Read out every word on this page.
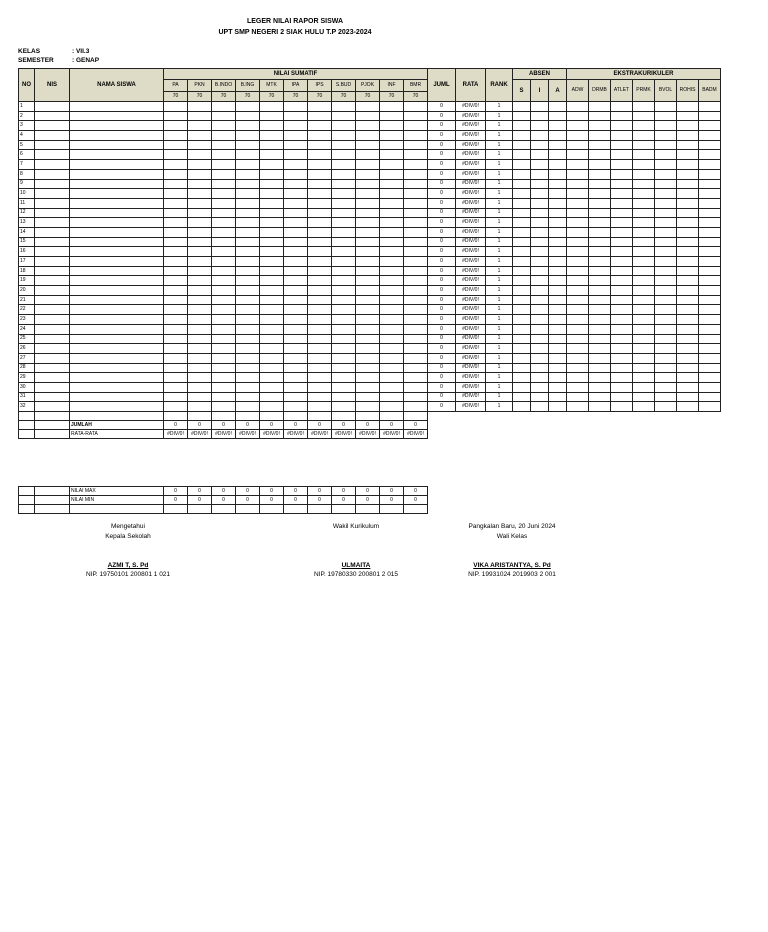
LEGER NILAI RAPOR SISWA
UPT SMP NEGERI 2 SIAK HULU T.P 2023-2024
KELAS	: VII.3
SEMESTER	: GENAP
NO	NIS	NAMA SISWA	NILAI SUMATIF											JUML	RATA	RANK	ABSEN			EKSTRAKURIKULER						
			PA	PKN	B.INDO	B.ING	MTK	IPA	IPS	S.BUD	PJOK	INF	BMR				S	I	A	ADW	DRMB	ATLET	PRMK	BVOL	ROHIS	BADM
			70	70	70	70	70	70	70	70	70	70	70													
1														0	#DIV/0!	1										
2														0	#DIV/0!	1										
3														0	#DIV/0!	1										
4														0	#DIV/0!	1										
5														0	#DIV/0!	1										
6														0	#DIV/0!	1										
7														0	#DIV/0!	1										
8														0	#DIV/0!	1										
9														0	#DIV/0!	1										
10														0	#DIV/0!	1										
11														0	#DIV/0!	1										
12														0	#DIV/0!	1										
13														0	#DIV/0!	1										
14														0	#DIV/0!	1										
15														0	#DIV/0!	1										
16														0	#DIV/0!	1										
17														0	#DIV/0!	1										
18														0	#DIV/0!	1										
19														0	#DIV/0!	1										
20														0	#DIV/0!	1										
21														0	#DIV/0!	1										
22														0	#DIV/0!	1										
23														0	#DIV/0!	1										
24														0	#DIV/0!	1										
25														0	#DIV/0!	1										
26														0	#DIV/0!	1										
27														0	#DIV/0!	1										
28														0	#DIV/0!	1										
29														0	#DIV/0!	1										
30														0	#DIV/0!	1										
31														0	#DIV/0!	1										
32														0	#DIV/0!	1										

		JUMLAH	0	0	0	0	0	0	0	0	0	0	0													
		RATA-RATA	#DIV/0!	#DIV/0!	#DIV/0!	#DIV/0!	#DIV/0!	#DIV/0!	#DIV/0!	#DIV/0!	#DIV/0!	#DIV/0!	#DIV/0!													
		NILAI MAX	0	0	0	0	0	0	0	0	0	0	0
		NILAI MIN	0	0	0	0	0	0	0	0	0	0	0

Mengetahui
Kepala Sekolah
AZMI T, S. Pd
NIP. 19750101 200801 1 021
Wakil Kurikulum

ULMAITA
NIP. 19780330 200801 2 015
Pangkalan Baru, 20 Juni 2024
Wali Kelas
VIKA ARISTANTYA, S. Pd
NIP. 19931024 2019903 2 001
